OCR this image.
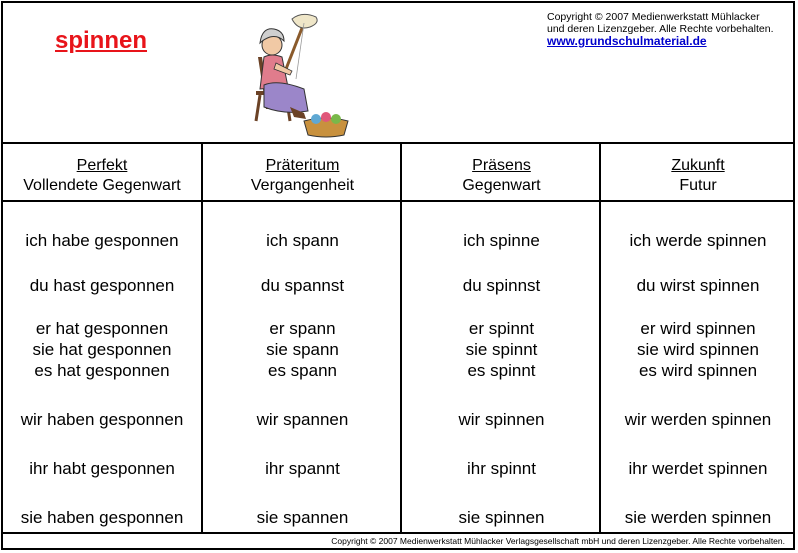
spinnen
Copyright © 2007 Medienwerkstatt Mühlacker
und deren Lizenzgeber. Alle Rechte vorbehalten.
www.grundschulmaterial.de
Perfekt
Vollendete Gegenwart
ich habe gesponnen
du hast gesponnen
er hat gesponnen
sie hat gesponnen
es hat gesponnen
wir haben gesponnen
ihr habt gesponnen
sie haben gesponnen
Präteritum
Vergangenheit
ich spann
du spannst
er spann
sie spann
es spann
wir spannen
ihr spannt
sie spannen
Präsens
Gegenwart
ich spinne
du spinnst
er spinnt
sie spinnt
es spinnt
wir spinnen
ihr spinnt
sie spinnen
Zukunft
Futur
ich werde spinnen
du wirst spinnen
er wird spinnen
sie wird spinnen
es wird spinnen
wir werden spinnen
ihr werdet spinnen
sie werden spinnen
Copyright © 2007 Medienwerkstatt Mühlacker Verlagsgesellschaft mbH und deren Lizenzgeber. Alle Rechte vorbehalten.
